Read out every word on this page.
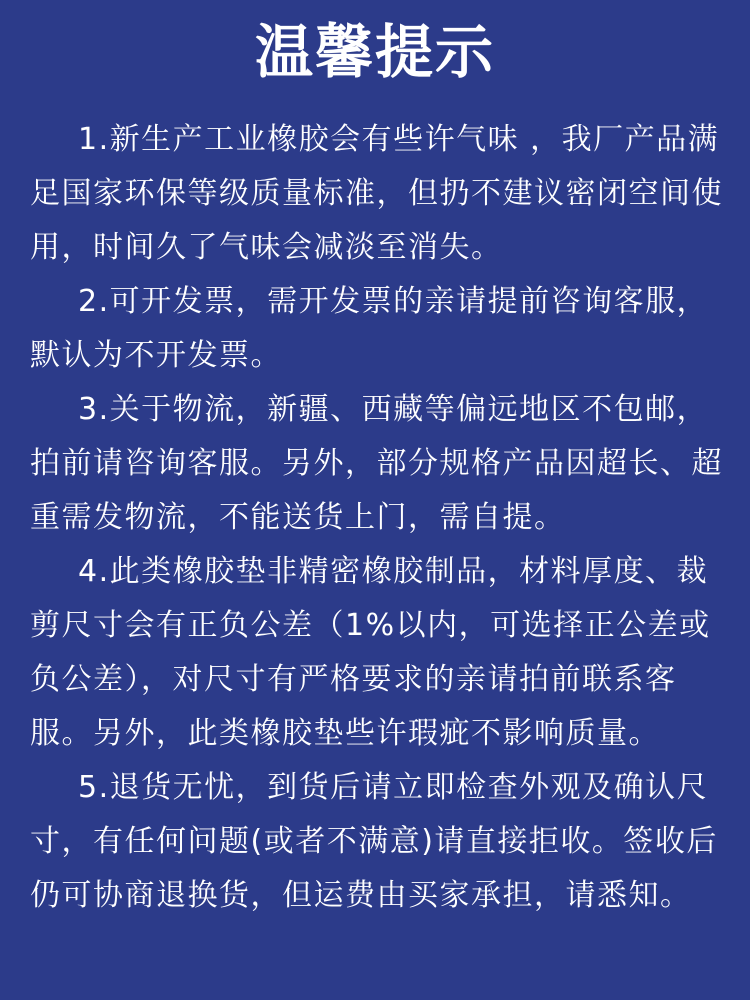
温馨提示

1.新生产工业橡胶会有些许气味 ，我厂产品满足国家环保等级质量标准，但扔不建议密闭空间使用，时间久了气味会减淡至消失。

2.可开发票，需开发票的亲请提前咨询客服，默认为不开发票。

3.关于物流，新疆、西藏等偏远地区不包邮，拍前请咨询客服。另外，部分规格产品因超长、超重需发物流，不能送货上门，需自提。

4.此类橡胶垫非精密橡胶制品，材料厚度、裁剪尺寸会有正负公差（1%以内，可选择正公差或负公差），对尺寸有严格要求的亲请拍前联系客服。另外，此类橡胶垫些许瑕疵不影响质量。

5.退货无忧，到货后请立即检查外观及确认尺寸，有任何问题(或者不满意)请直接拒收。签收后仍可协商退换货，但运费由买家承担，请悉知。
